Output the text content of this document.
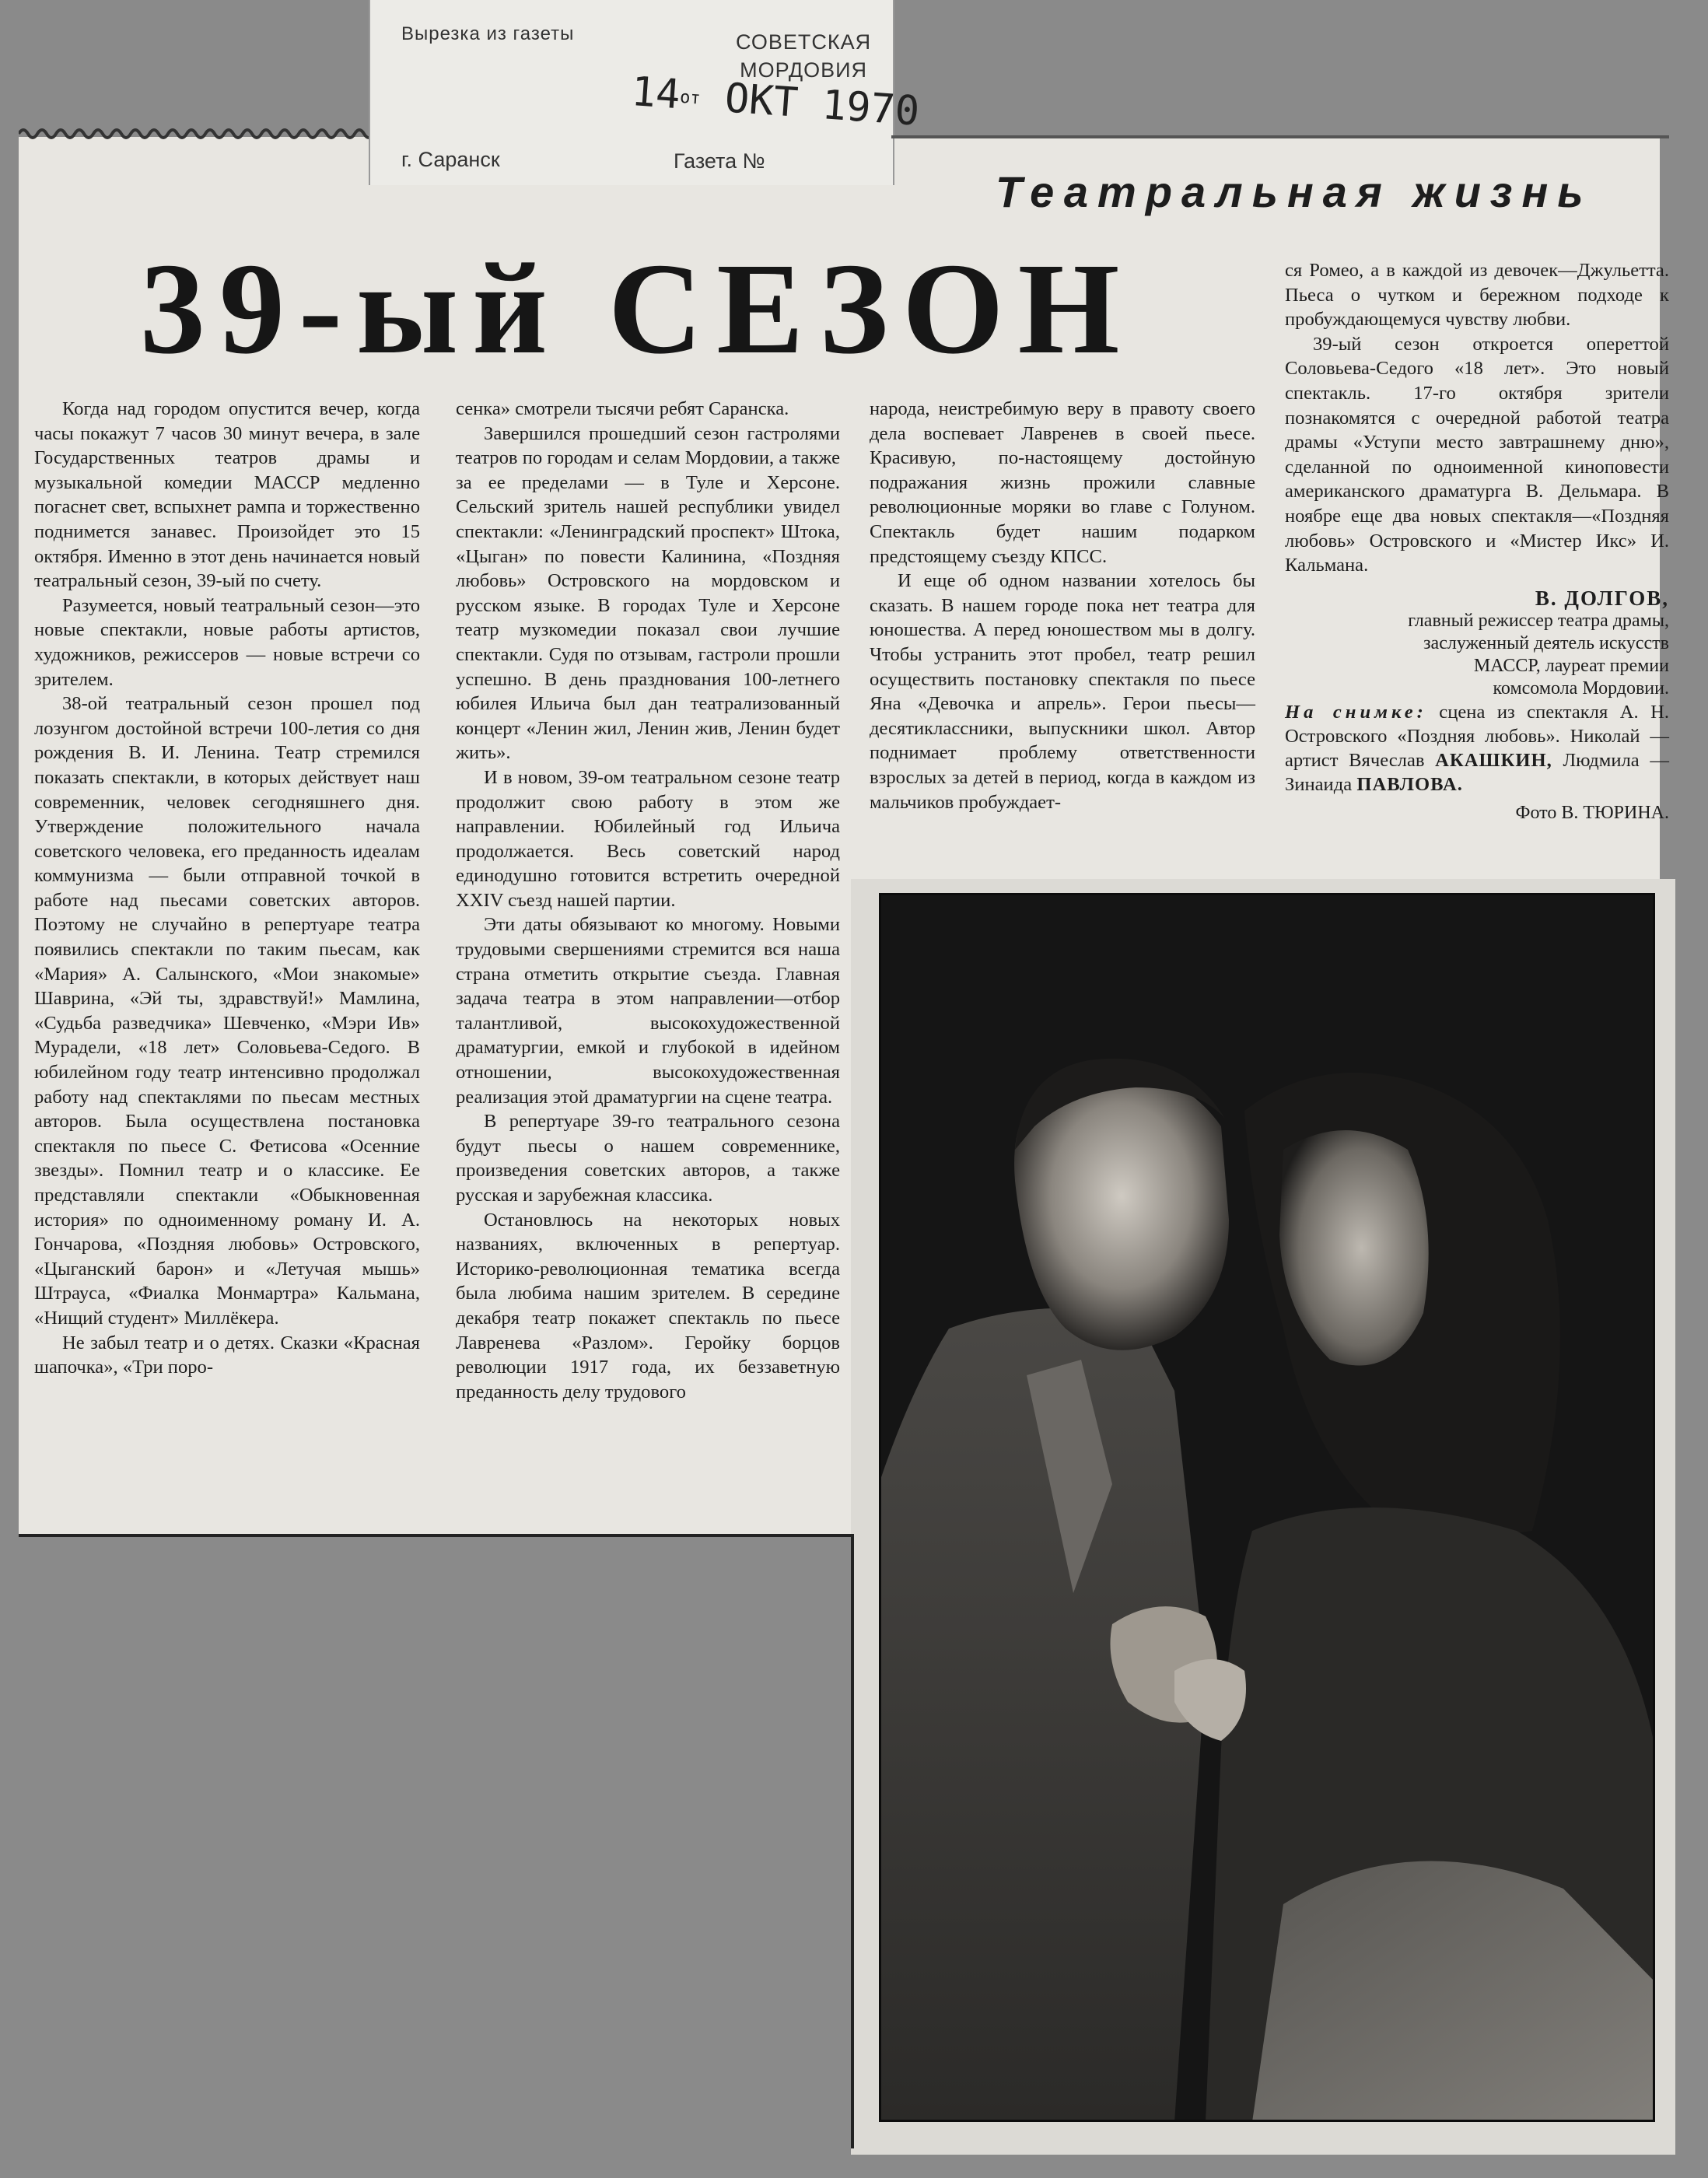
Вырезка из газеты	СОВЕТСКАЯ
МОРДОВИЯ
г. Саранск	Газета №
14от ОКТ 1970
Театральная жизнь
39-ый СЕЗОН

Когда над городом опустится вечер, когда часы покажут 7 часов 30 минут вечера, в зале Государственных театров драмы и музыкальной комедии МАССР медленно погаснет свет, вспыхнет рампа и торжественно поднимется занавес. Произойдет это 15 октября. Именно в этот день начинается новый театральный сезон, 39-ый по счету.

Разумеется, новый театральный сезон—это новые спектакли, новые работы артистов, художников, режиссеров — новые встречи со зрителем.

38-ой театральный сезон прошел под лозунгом достойной встречи 100-летия со дня рождения В. И. Ленина. Театр стремился показать спектакли, в которых действует наш современник, человек сегодняшнего дня. Утверждение положительного начала советского человека, его преданность идеалам коммунизма — были отправной точкой в работе над пьесами советских авторов. Поэтому не случайно в репертуаре театра появились спектакли по таким пьесам, как «Мария» А. Салынского, «Мои знакомые» Шаврина, «Эй ты, здравствуй!» Мамлина, «Судьба разведчика» Шевченко, «Мэри Ив» Мурадели, «18 лет» Соловьева-Седого. В юбилейном году театр интенсивно продолжал работу над спектаклями по пьесам местных авторов. Была осуществлена постановка спектакля по пьесе С. Фетисова «Осенние звезды». Помнил театр и о классике. Ее представляли спектакли «Обыкновенная история» по одноименному роману И. А. Гончарова, «Поздняя любовь» Островского, «Цыганский барон» и «Летучая мышь» Штрауса, «Фиалка Монмартра» Кальмана, «Нищий студент» Миллёкера.

Не забыл театр и о детях. Сказки «Красная шапочка», «Три поро-

сенка» смотрели тысячи ребят Саранска.

Завершился прошедший сезон гастролями театров по городам и селам Мордовии, а также за ее пределами — в Туле и Херсоне. Сельский зритель нашей республики увидел спектакли: «Ленинградский проспект» Штока, «Цыган» по повести Калинина, «Поздняя любовь» Островского на мордовском и русском языке. В городах Туле и Херсоне театр музкомедии показал свои лучшие спектакли. Судя по отзывам, гастроли прошли успешно. В день празднования 100-летнего юбилея Ильича был дан театрализованный концерт «Ленин жил, Ленин жив, Ленин будет жить».

И в новом, 39-ом театральном сезоне театр продолжит свою работу в этом же направлении. Юбилейный год Ильича продолжается. Весь советский народ единодушно готовится встретить очередной XXIV съезд нашей партии.

Эти даты обязывают ко многому. Новыми трудовыми свершениями стремится вся наша страна отметить открытие съезда. Главная задача театра в этом направлении—отбор талантливой, высокохудожественной драматургии, емкой и глубокой в идейном отношении, высокохудожественная реализация этой драматургии на сцене театра.

В репертуаре 39-го театрального сезона будут пьесы о нашем современнике, произведения советских авторов, а также русская и зарубежная классика.

Остановлюсь на некоторых новых названиях, включенных в репертуар. Историко-революционная тематика всегда была любима нашим зрителем. В середине декабря театр покажет спектакль по пьесе Лавренева «Разлом». Геройку борцов революции 1917 года, их беззаветную преданность делу трудового

народа, неистребимую веру в правоту своего дела воспевает Лавренев в своей пьесе. Красивую, по-настоящему достойную подражания жизнь прожили славные революционные моряки во главе с Голуном. Спектакль будет нашим подарком предстоящему съезду КПСС.

И еще об одном названии хотелось бы сказать. В нашем городе пока нет театра для юношества. А перед юношеством мы в долгу. Чтобы устранить этот пробел, театр решил осуществить постановку спектакля по пьесе Яна «Девочка и апрель». Герои пьесы—десятиклассники, выпускники школ. Автор поднимает проблему ответственности взрослых за детей в период, когда в каждом из мальчиков пробуждает-

ся Ромео, а в каждой из девочек—Джульетта. Пьеса о чутком и бережном подходе к пробуждающемуся чувству любви.

39-ый сезон откроется опереттой Соловьева-Седого «18 лет». Это новый спектакль. 17-го октября зрители познакомятся с очередной работой театра драмы «Уступи место завтрашнему дню», сделанной по одноименной киноповести американского драматурга В. Дельмара. В ноябре еще два новых спектакля—«Поздняя любовь» Островского и «Мистер Икс» И. Кальмана.

В. ДОЛГОВ,
главный режиссер театра драмы,
заслуженный деятель искусств
МАССР, лауреат премии
комсомола Мордовии.

На снимке: сцена из спектакля А. Н. Островского «Поздняя любовь». Николай — артист Вячеслав АКАШКИН, Людмила — Зинаида ПАВЛОВА.

Фото В. ТЮРИНА.
